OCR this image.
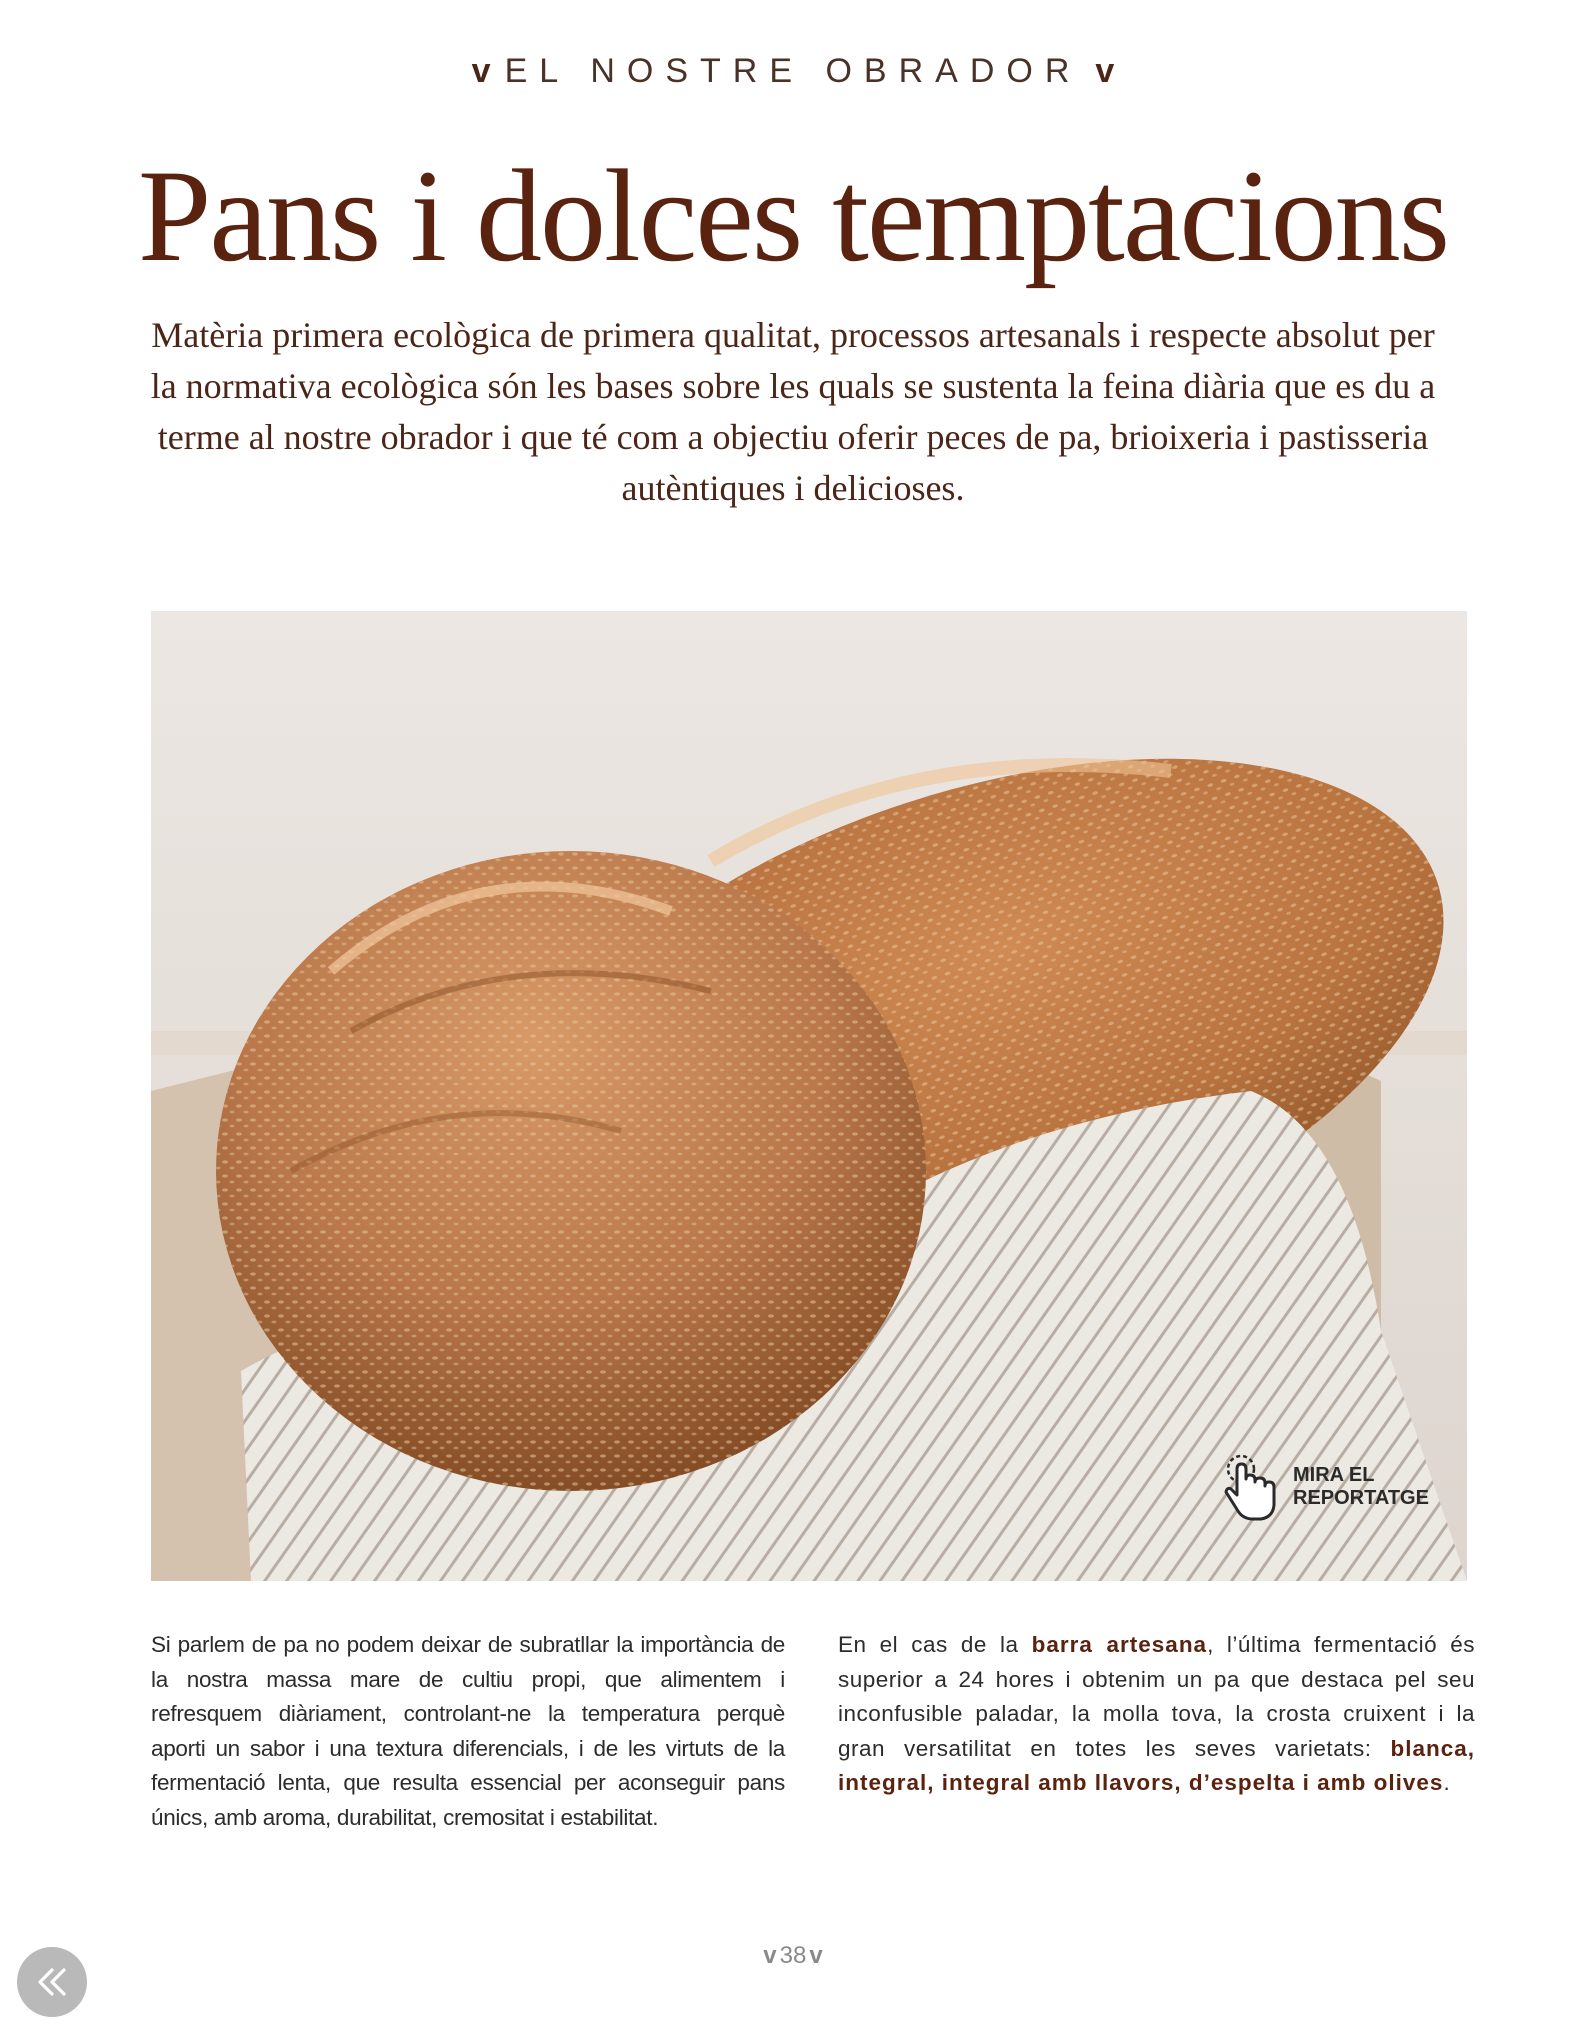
v EL NOSTRE OBRADOR v
Pans i dolces temptacions

Matèria primera ecològica de primera qualitat, processos artesanals i respecte absolut per la normativa ecològica són les bases sobre les quals se sustenta la feina diària que es du a terme al nostre obrador i que té com a objectiu oferir peces de pa, brioixeria i pastisseria autèntiques i delicioses.

MIRA EL
REPORTATGE

Si parlem de pa no podem deixar de subratllar la importància de la nostra massa mare de cultiu propi, que alimentem i refresquem diàriament, controlant-ne la temperatura perquè aporti un sabor i una textura diferencials, i de les virtuts de la fermentació lenta, que resulta essencial per aconseguir pans únics, amb aroma, durabilitat, cremositat i estabilitat.

En el cas de la barra artesana, l’última fermentació és superior a 24 hores i obtenim un pa que destaca pel seu inconfusible paladar, la molla tova, la crosta cruixent i la gran versatilitat en totes les seves varietats: blanca, integral, integral amb llavors, d’espelta i amb olives.

v 38 v
